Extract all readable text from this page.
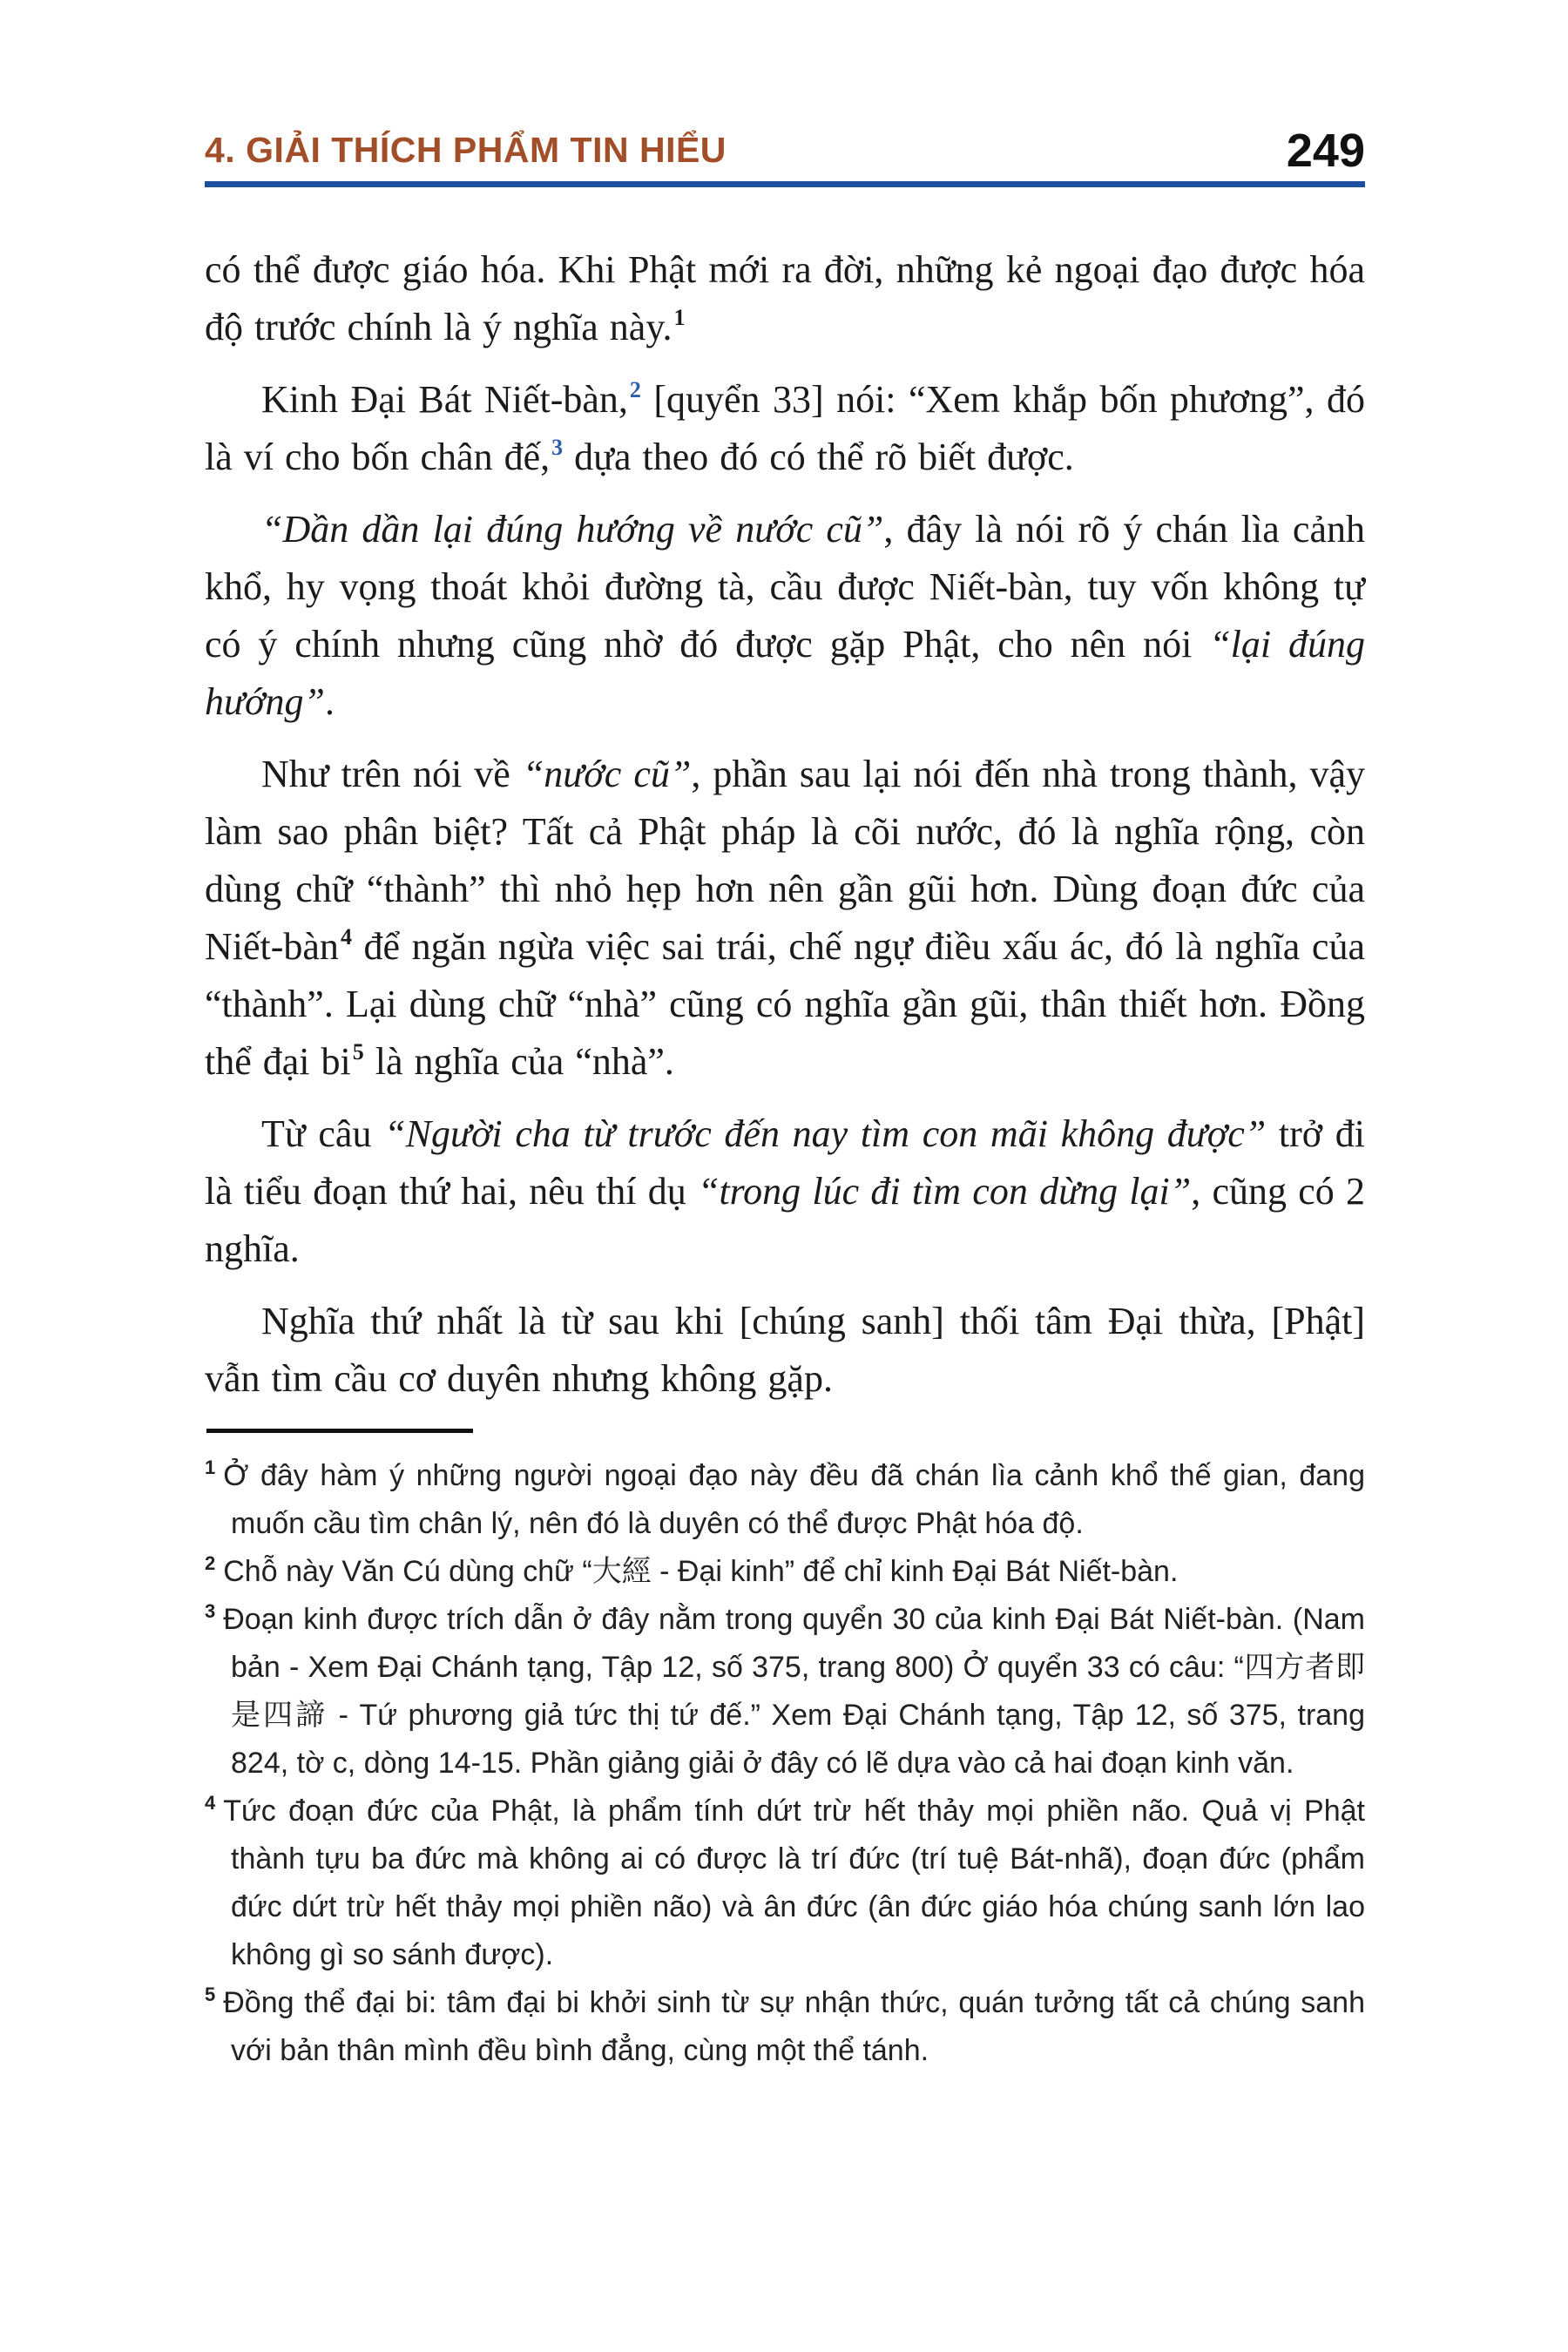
4. GIẢI THÍCH PHẨM TIN HIỂU	249

có thể được giáo hóa. Khi Phật mới ra đời, những kẻ ngoại đạo được hóa độ trước chính là ý nghĩa này.$^1$

Kinh Đại Bát Niết-bàn,$^2$ [quyển 33] nói: “Xem khắp bốn phương”, đó là ví cho bốn chân đế,$^3$ dựa theo đó có thể rõ biết được.

“Dần dần lại đúng hướng về nước cũ”, đây là nói rõ ý chán lìa cảnh khổ, hy vọng thoát khỏi đường tà, cầu được Niết-bàn, tuy vốn không tự có ý chính nhưng cũng nhờ đó được gặp Phật, cho nên nói “lại đúng hướng”.

Như trên nói về “nước cũ”, phần sau lại nói đến nhà trong thành, vậy làm sao phân biệt? Tất cả Phật pháp là cõi nước, đó là nghĩa rộng, còn dùng chữ “thành” thì nhỏ hẹp hơn nên gần gũi hơn. Dùng đoạn đức của Niết-bàn$^4$ để ngăn ngừa việc sai trái, chế ngự điều xấu ác, đó là nghĩa của “thành”. Lại dùng chữ “nhà” cũng có nghĩa gần gũi, thân thiết hơn. Đồng thể đại bi$^5$ là nghĩa của “nhà”.

Từ câu “Người cha từ trước đến nay tìm con mãi không được” trở đi là tiểu đoạn thứ hai, nêu thí dụ “trong lúc đi tìm con dừng lại”, cũng có 2 nghĩa.

Nghĩa thứ nhất là từ sau khi [chúng sanh] thối tâm Đại thừa, [Phật] vẫn tìm cầu cơ duyên nhưng không gặp.

$^1$ Ở đây hàm ý những người ngoại đạo này đều đã chán lìa cảnh khổ thế gian, đang muốn cầu tìm chân lý, nên đó là duyên có thể được Phật hóa độ.
$^2$ Chỗ này Văn Cú dùng chữ “大經 - Đại kinh” để chỉ kinh Đại Bát Niết-bàn.
$^3$ Đoạn kinh được trích dẫn ở đây nằm trong quyển 30 của kinh Đại Bát Niết-bàn. (Nam bản - Xem Đại Chánh tạng, Tập 12, số 375, trang 800) Ở quyển 33 có câu: “四方者即是四諦 - Tứ phương giả tức thị tứ đế.” Xem Đại Chánh tạng, Tập 12, số 375, trang 824, tờ c, dòng 14-15. Phần giảng giải ở đây có lẽ dựa vào cả hai đoạn kinh văn.
$^4$ Tức đoạn đức của Phật, là phẩm tính dứt trừ hết thảy mọi phiền não. Quả vị Phật thành tựu ba đức mà không ai có được là trí đức (trí tuệ Bát-nhã), đoạn đức (phẩm đức dứt trừ hết thảy mọi phiền não) và ân đức (ân đức giáo hóa chúng sanh lớn lao không gì so sánh được).
$^5$ Đồng thể đại bi: tâm đại bi khởi sinh từ sự nhận thức, quán tưởng tất cả chúng sanh với bản thân mình đều bình đẳng, cùng một thể tánh.
